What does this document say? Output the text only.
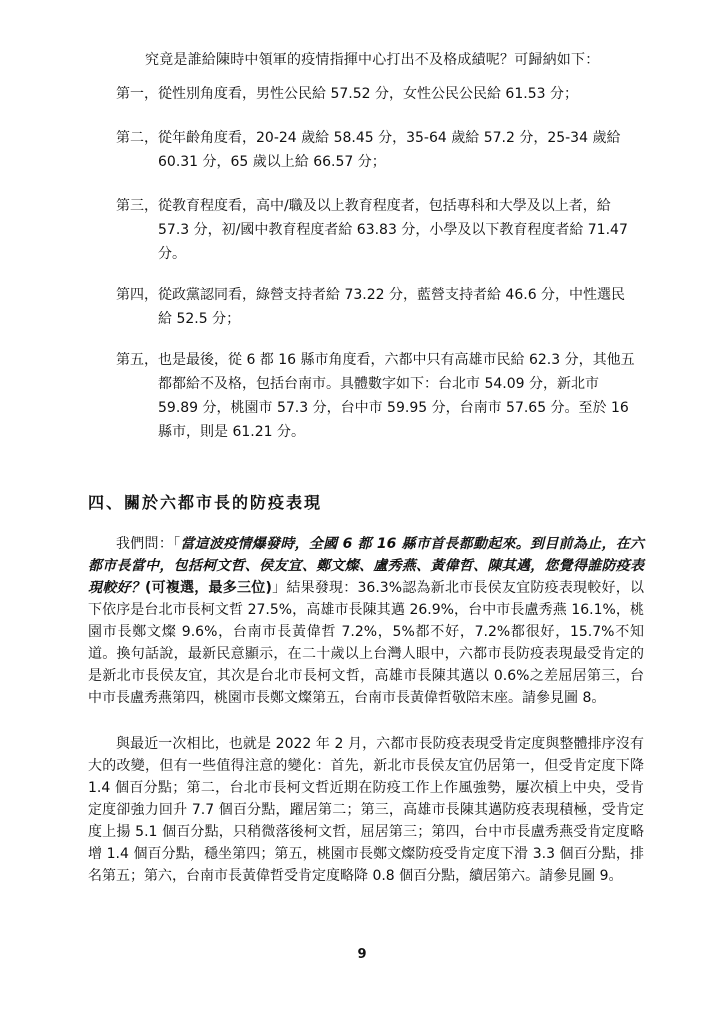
究竟是誰給陳時中領軍的疫情指揮中心打出不及格成績呢？可歸納如下：
第一， 從性別角度看，男性公民給 57.52 分，女性公民公民給 61.53 分；
第二， 從年齡角度看，20-24 歲給 58.45 分，35-64 歲給 57.2 分，25-34 歲給 60.31 分，65 歲以上給 66.57 分；
第三， 從教育程度看，高中/職及以上教育程度者，包括專科和大學及以上者，給 57.3 分，初/國中教育程度者給 63.83 分，小學及以下教育程度者給 71.47 分。
第四， 從政黨認同看，綠營支持者給 73.22 分，藍營支持者給 46.6 分，中性選民給 52.5 分；
第五， 也是最後，從 6 都 16 縣市角度看，六都中只有高雄市民給 62.3 分，其他五都都給不及格，包括台南市。具體數字如下：台北市 54.09 分，新北市 59.89 分，桃園市 57.3 分，台中市 59.95 分，台南市 57.65 分。至於 16 縣市，則是 61.21 分。
四、關於六都市長的防疫表現
我們問：「當這波疫情爆發時，全國 6 都 16 縣市首長都動起來。到目前為止，在六都市長當中，包括柯文哲、侯友宜、鄭文燦、盧秀燕、黃偉哲、陳其邁，您覺得誰防疫表現較好？(可複選，最多三位)」結果發現：36.3%認為新北市長侯友宜防疫表現較好，以下依序是台北市長柯文哲 27.5%，高雄市長陳其邁 26.9%，台中市長盧秀燕 16.1%，桃園市長鄭文燦 9.6%，台南市長黃偉哲 7.2%，5%都不好，7.2%都很好，15.7%不知道。換句話說，最新民意顯示，在二十歲以上台灣人眼中，六都市長防疫表現最受肯定的是新北市長侯友宜，其次是台北市長柯文哲，高雄市長陳其邁以 0.6%之差屈居第三，台中市長盧秀燕第四，桃園市長鄭文燦第五，台南市長黃偉哲敬陪末座。請參見圖 8。
與最近一次相比，也就是 2022 年 2 月，六都市長防疫表現受肯定度與整體排序沒有大的改變，但有一些值得注意的變化：首先，新北市長侯友宜仍居第一，但受肯定度下降 1.4 個百分點；第二，台北市長柯文哲近期在防疫工作上作風強勢，屢次槓上中央，受肯定度卻強力回升 7.7 個百分點，躍居第二；第三，高雄市長陳其邁防疫表現積極，受肯定度上揚 5.1 個百分點，只稍微落後柯文哲，屈居第三；第四，台中市長盧秀燕受肯定度略增 1.4 個百分點，穩坐第四；第五，桃園市長鄭文燦防疫受肯定度下滑 3.3 個百分點，排名第五；第六，台南市長黃偉哲受肯定度略降 0.8 個百分點，續居第六。請參見圖 9。
9
